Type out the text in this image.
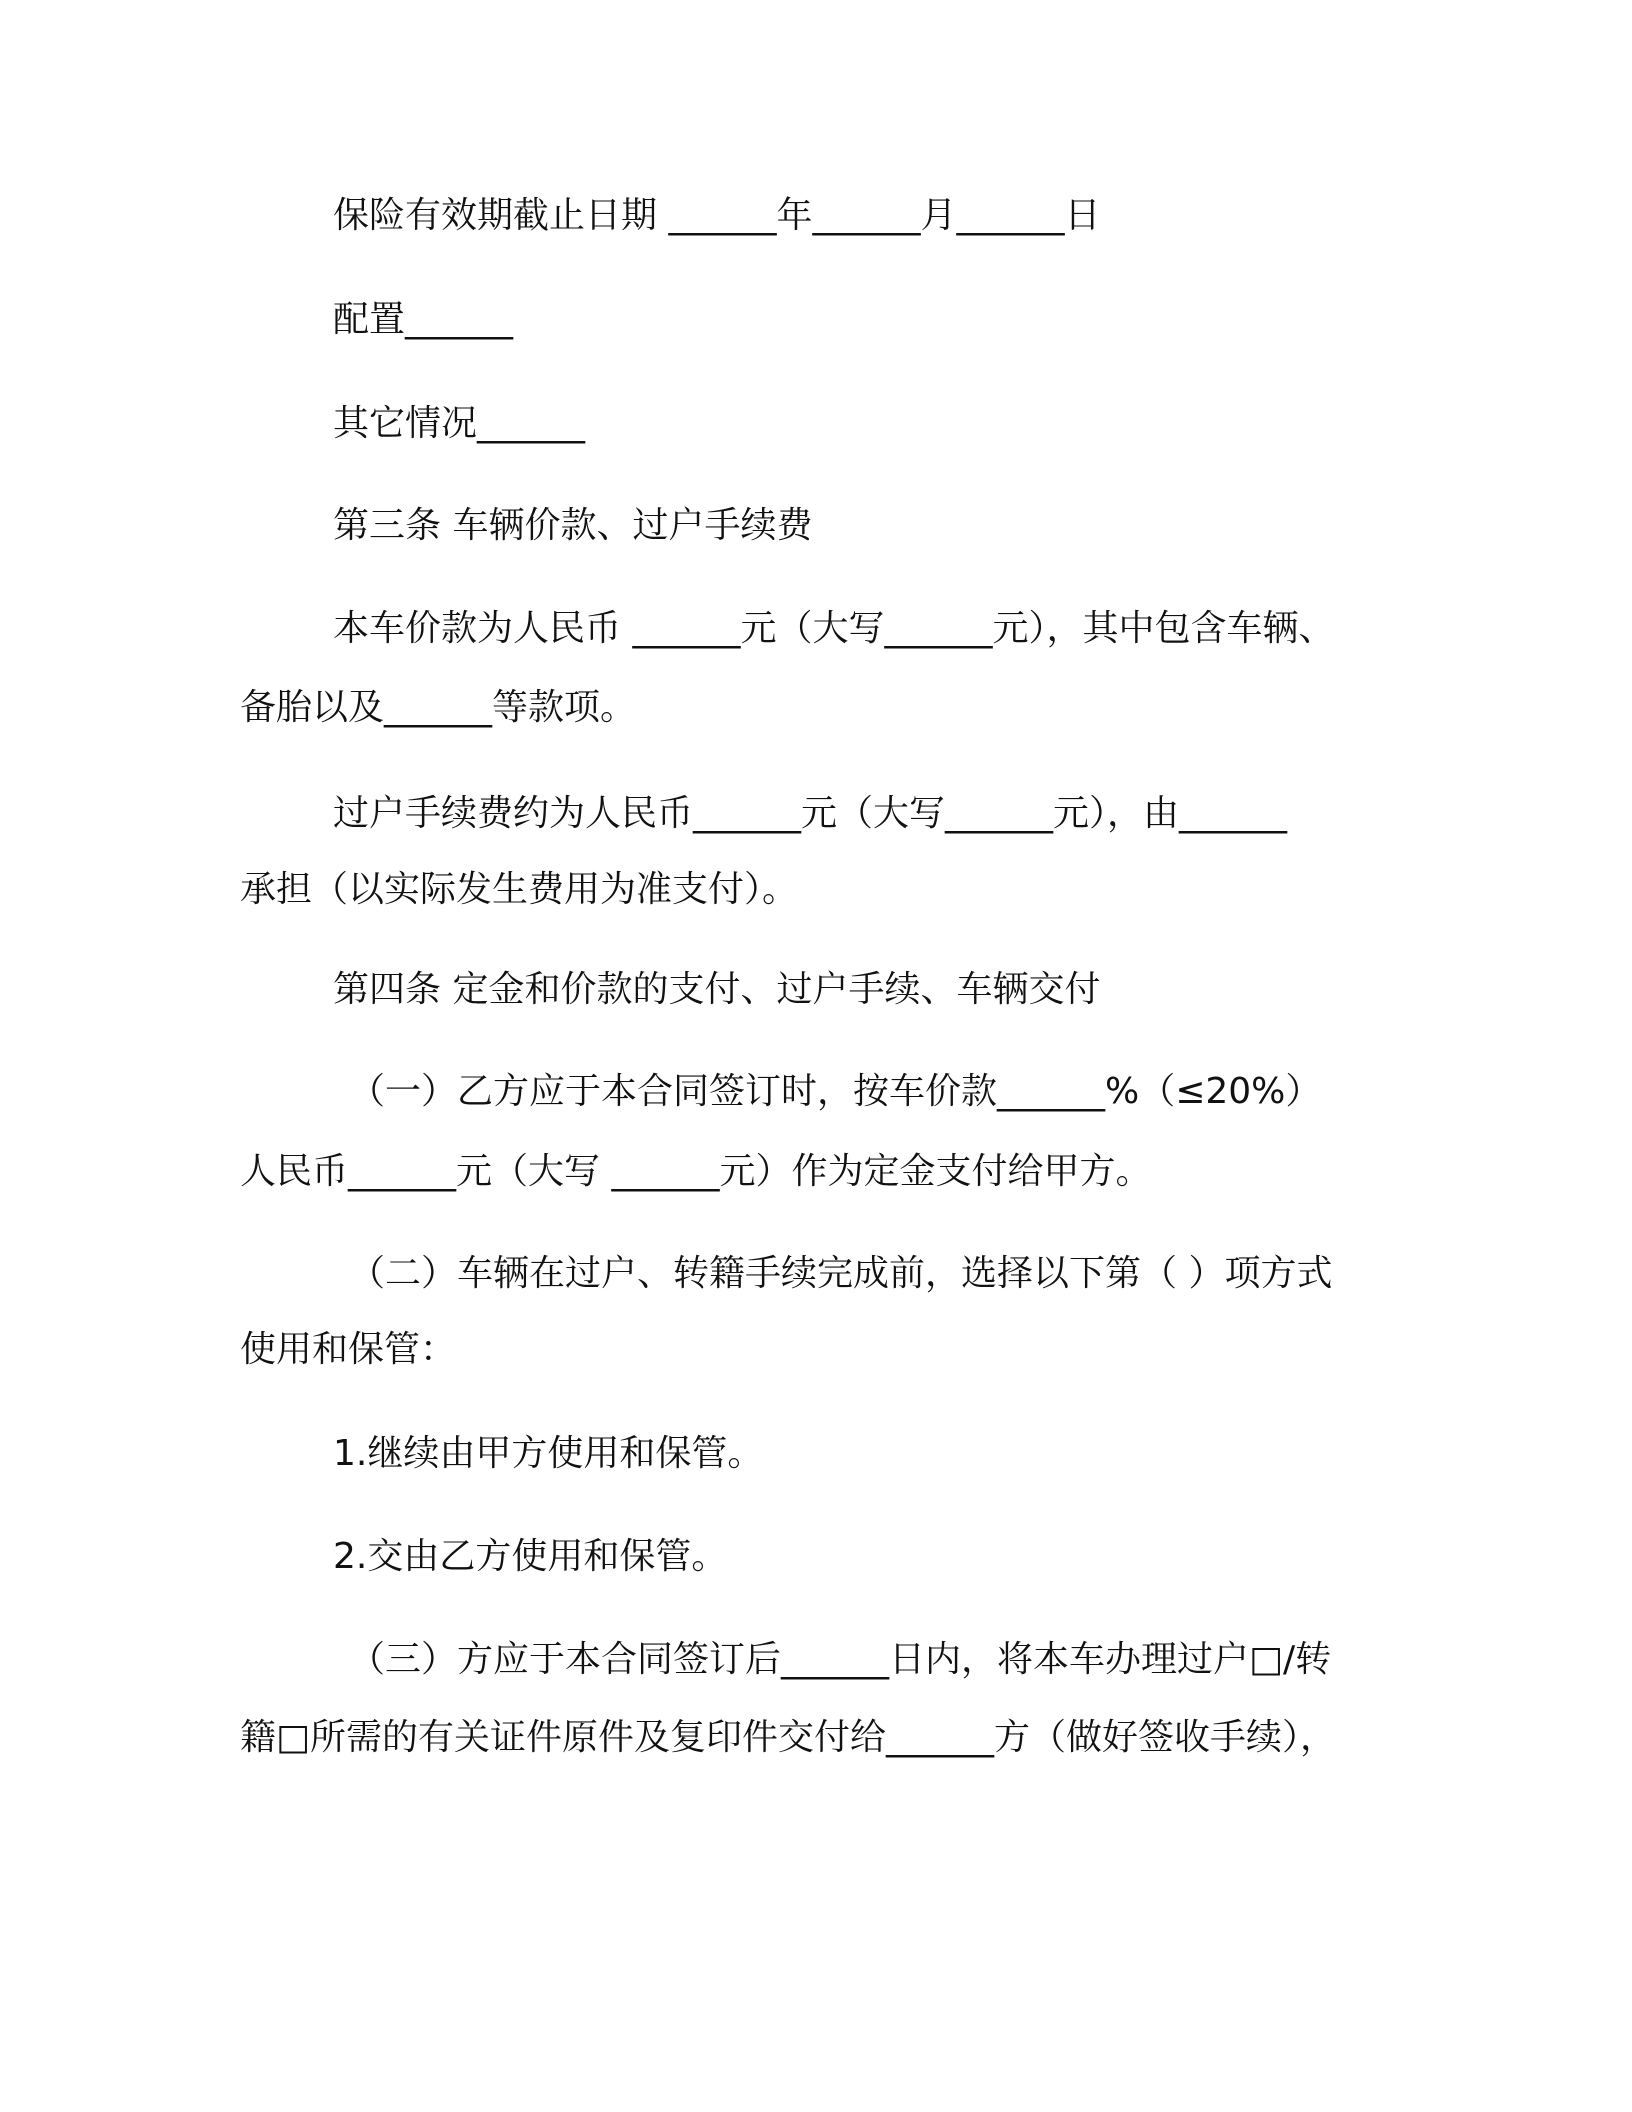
保险有效期截止日期 ______年______月______日
配置______
其它情况______
第三条 车辆价款、过户手续费
本车价款为人民币 ______元（大写______元），其中包含车辆、
备胎以及______等款项。
过户手续费约为人民币______元（大写______元），由______
承担（以实际发生费用为准支付）。
第四条 定金和价款的支付、过户手续、车辆交付
（一）乙方应于本合同签订时，按车价款______%（≤20%）
人民币______元（大写 ______元）作为定金支付给甲方。
（二）车辆在过户、转籍手续完成前，选择以下第（ ）项方式
使用和保管：
1.继续由甲方使用和保管。
2.交由乙方使用和保管。
（三）方应于本合同签订后______日内，将本车办理过户□/转
籍□所需的有关证件原件及复印件交付给______方（做好签收手续），
